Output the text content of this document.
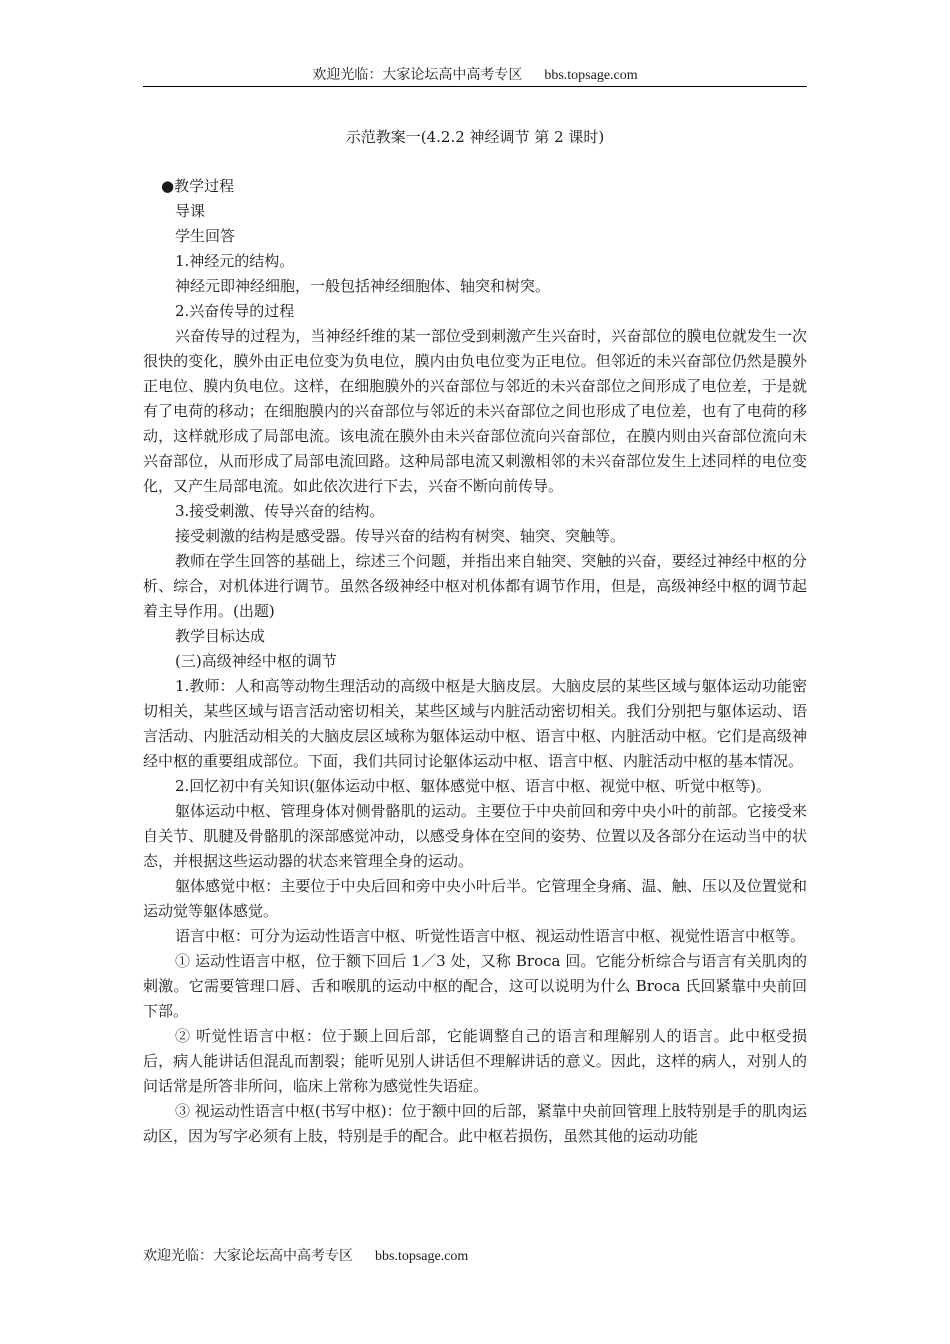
欢迎光临：大家论坛高中高考专区 bbs.topsage.com
示范教案一(4.2.2 神经调节 第 2 课时)

●教学过程

导课

学生回答

1.神经元的结构。

神经元即神经细胞，一般包括神经细胞体、轴突和树突。

2.兴奋传导的过程

兴奋传导的过程为，当神经纤维的某一部位受到刺激产生兴奋时，兴奋部位的膜电位就发生一次很快的变化，膜外由正电位变为负电位，膜内由负电位变为正电位。但邻近的未兴奋部位仍然是膜外正电位、膜内负电位。这样，在细胞膜外的兴奋部位与邻近的未兴奋部位之间形成了电位差，于是就有了电荷的移动；在细胞膜内的兴奋部位与邻近的未兴奋部位之间也形成了电位差，也有了电荷的移动，这样就形成了局部电流。该电流在膜外由未兴奋部位流向兴奋部位，在膜内则由兴奋部位流向未兴奋部位，从而形成了局部电流回路。这种局部电流又刺激相邻的未兴奋部位发生上述同样的电位变化，又产生局部电流。如此依次进行下去，兴奋不断向前传导。

3.接受刺激、传导兴奋的结构。

接受刺激的结构是感受器。传导兴奋的结构有树突、轴突、突触等。

教师在学生回答的基础上，综述三个问题，并指出来自轴突、突触的兴奋，要经过神经中枢的分析、综合，对机体进行调节。虽然各级神经中枢对机体都有调节作用，但是，高级神经中枢的调节起着主导作用。(出题)

教学目标达成

(三)高级神经中枢的调节

1.教师：人和高等动物生理活动的高级中枢是大脑皮层。大脑皮层的某些区域与躯体运动功能密切相关，某些区域与语言活动密切相关，某些区域与内脏活动密切相关。我们分别把与躯体运动、语言活动、内脏活动相关的大脑皮层区域称为躯体运动中枢、语言中枢、内脏活动中枢。它们是高级神经中枢的重要组成部位。下面，我们共同讨论躯体运动中枢、语言中枢、内脏活动中枢的基本情况。

2.回忆初中有关知识(躯体运动中枢、躯体感觉中枢、语言中枢、视觉中枢、听觉中枢等)。

躯体运动中枢、管理身体对侧骨骼肌的运动。主要位于中央前回和旁中央小叶的前部。它接受来自关节、肌腱及骨骼肌的深部感觉冲动，以感受身体在空间的姿势、位置以及各部分在运动当中的状态，并根据这些运动器的状态来管理全身的运动。

躯体感觉中枢：主要位于中央后回和旁中央小叶后半。它管理全身痛、温、触、压以及位置觉和运动觉等躯体感觉。

语言中枢：可分为运动性语言中枢、听觉性语言中枢、视运动性语言中枢、视觉性语言中枢等。

① 运动性语言中枢，位于额下回后 1／3 处，又称 Broca 回。它能分析综合与语言有关肌肉的刺激。它需要管理口唇、舌和喉肌的运动中枢的配合，这可以说明为什么 Broca 氏回紧靠中央前回下部。

② 听觉性语言中枢：位于颞上回后部，它能调整自己的语言和理解别人的语言。此中枢受损后，病人能讲话但混乱而割裂；能听见别人讲话但不理解讲话的意义。因此，这样的病人，对别人的问话常是所答非所问，临床上常称为感觉性失语症。

③ 视运动性语言中枢(书写中枢)：位于额中回的后部，紧靠中央前回管理上肢特别是手的肌肉运动区，因为写字必须有上肢，特别是手的配合。此中枢若损伤，虽然其他的运动功能

欢迎光临：大家论坛高中高考专区 bbs.topsage.com
